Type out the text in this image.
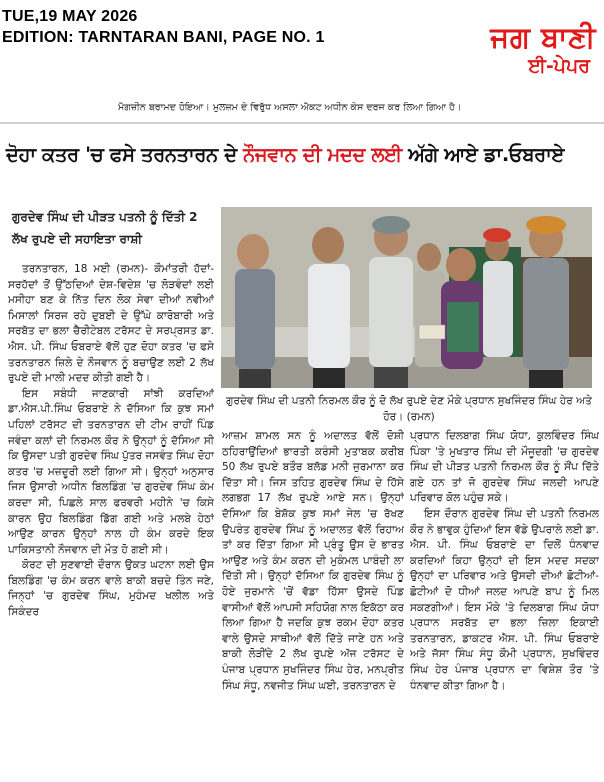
TUE,19 MAY 2026
EDITION: TARNTARAN BANI, PAGE NO. 1	ਜਗ ਬਾਣੀ
ਈ-ਪੇਪਰ
ਮੈਗਜ਼ੀਨ ਬਰਾਮਦ ਹੋਇਆ। ਮੁਲਜ਼ਮ ਦੇ ਵਿਰੁੱਧ ਅਸਲਾ ਐਕਟ ਅਧੀਨ ਕੇਸ ਦਰਜ ਕਰ ਲਿਆ ਗਿਆ ਹੈ।
ਦੋਹਾ ਕਤਰ 'ਚ ਫਸੇ ਤਰਨਤਾਰਨ ਦੇ ਨੌਜਵਾਨ ਦੀ ਮਦਦ ਲਈ ਅੱਗੇ ਆਏ ਡਾ.ਓਬਰਾਏ
ਗੁਰਦੇਵ ਸਿੰਘ ਦੀ ਪੀੜਤ ਪਤਨੀ ਨੂੰ ਦਿੱਤੀ 2 ਲੱਖ ਰੁਪਏ ਦੀ ਸਹਾਇਤਾ ਰਾਸ਼ੀ
ਗੁਰਦੇਵ ਸਿੰਘ ਦੀ ਪਤਨੀ ਨਿਰਮਲ ਕੌਰ ਨੂੰ ਦੋ ਲੱਖ ਰੁਪਏ ਦੇਣ ਮੌਕੇ ਪ੍ਰਧਾਨ ਸੁਖਜਿੰਦਰ ਸਿੰਘ ਹੇਰ ਅਤੇ ਹੋਰ। (ਰਮਨ)

ਤਰਨਤਾਰਨ, 18 ਮਈ (ਰਮਨ)- ਕੌਮਾਂਤਰੀ ਹੱਦਾਂ-ਸਰਹੱਦਾਂ ਤੋਂ ਉੱਠਦਿਆਂ ਦੇਸ਼-ਵਿਦੇਸ਼ 'ਚ ਲੋੜਵੰਦਾਂ ਲਈ ਮਸੀਹਾ ਬਣ ਕੇ ਨਿੱਤ ਦਿਨ ਲੋਕ ਸੇਵਾ ਦੀਆਂ ਨਵੀਆਂ ਮਿਸਾਲਾਂ ਸਿਰਜ ਰਹੇ ਦੁਬਈ ਦੇ ਉੱਘੇ ਕਾਰੋਬਾਰੀ ਅਤੇ ਸਰਬੱਤ ਦਾ ਭਲਾ ਚੈਰੀਟੇਬਲ ਟਰੱਸਟ ਦੇ ਸਰਪ੍ਰਸਤ ਡਾ. ਐਸ. ਪੀ. ਸਿੰਘ ਓਬਰਾਏ ਵੱਲੋਂ ਹੁਣ ਦੋਹਾ ਕਤਰ 'ਚ ਫਸੇ ਤਰਨਤਾਰਨ ਜ਼ਿਲੇ ਦੇ ਨੌਜਵਾਨ ਨੂੰ ਬਚਾਉਣ ਲਈ 2 ਲੱਖ ਰੁਪਏ ਦੀ ਮਾਲੀ ਮਦਦ ਕੀਤੀ ਗਈ ਹੈ।

ਇਸ ਸਬੰਧੀ ਜਾਣਕਾਰੀ ਸਾਂਝੀ ਕਰਦਿਆਂ ਡਾ.ਐਸ.ਪੀ.ਸਿੰਘ ਓਬਰਾਏ ਨੇ ਦੱਸਿਆ ਕਿ ਕੁਝ ਸਮਾਂ ਪਹਿਲਾਂ ਟਰੱਸਟ ਦੀ ਤਰਨਤਾਰਨ ਦੀ ਟੀਮ ਰਾਹੀਂ ਪਿੰਡ ਜਵੰਦਾ ਕਲਾਂ ਦੀ ਨਿਰਮਲ ਕੌਰ ਨੇ ਉਨ੍ਹਾਂ ਨੂੰ ਦੱਸਿਆ ਸੀ ਕਿ ਉਸਦਾ ਪਤੀ ਗੁਰਦੇਵ ਸਿੰਘ ਪੁੱਤਰ ਜਸਵੰਤ ਸਿੰਘ ਦੋਹਾ ਕਤਰ 'ਚ ਮਜ਼ਦੂਰੀ ਲਈ ਗਿਆ ਸੀ। ਉਨ੍ਹਾਂ ਅਨੁਸਾਰ ਜਿਸ ਉਸਾਰੀ ਅਧੀਨ ਬਿਲਡਿੰਗ 'ਚ ਗੁਰਦੇਵ ਸਿੰਘ ਕੰਮ ਕਰਦਾ ਸੀ, ਪਿਛਲੇ ਸਾਲ ਫਰਵਰੀ ਮਹੀਨੇ 'ਚ ਕਿਸੇ ਕਾਰਨ ਉਹ ਬਿਲਡਿੰਗ ਡਿੱਗ ਗਈ ਅਤੇ ਮਲਬੇ ਹੇਠਾਂ ਆਉਣ ਕਾਰਨ ਉਨ੍ਹਾਂ ਨਾਲ ਹੀ ਕੰਮ ਕਰਦੇ ਇਕ ਪਾਕਿਸਤਾਨੀ ਨੌਜਵਾਨ ਦੀ ਮੌਤ ਹੋ ਗਈ ਸੀ।

ਕੋਰਟ ਦੀ ਸੁਣਵਾਈ ਦੌਰਾਨ ਉਕਤ ਘਟਨਾ ਲਈ ਉਸ ਬਿਲਡਿੰਗ 'ਚ ਕੰਮ ਕਰਨ ਵਾਲੇ ਬਾਕੀ ਬਚਦੇ ਤਿੰਨ ਜਣੇ, ਜਿਨ੍ਹਾਂ 'ਚ ਗੁਰਦੇਵ ਸਿੰਘ, ਮੁਹੰਮਦ ਖਲੀਲ ਅਤੇ ਸਿਕੰਦਰ

ਆਜ਼ਮ ਸ਼ਾਮਲ ਸਨ ਨੂੰ ਅਦਾਲਤ ਵੱਲੋਂ ਦੋਸ਼ੀ ਠਹਿਰਾਉਂਦਿਆਂ ਭਾਰਤੀ ਕਰੰਸੀ ਮੁਤਾਬਕ ਕਰੀਬ 50 ਲੱਖ ਰੁਪਏ ਬਤੌਰ ਬਲੱਡ ਮਨੀ ਜੁਰਮਾਨਾ ਕਰ ਦਿੱਤਾ ਸੀ। ਜਿਸ ਤਹਿਤ ਗੁਰਦੇਵ ਸਿੰਘ ਦੇ ਹਿੱਸੇ ਲਗਭਗ 17 ਲੱਖ ਰੁਪਏ ਆਏ ਸਨ। ਉਨ੍ਹਾਂ ਦੱਸਿਆ ਕਿ ਬੇਸ਼ੱਕ ਕੁਝ ਸਮਾਂ ਜੇਲ 'ਚ ਰੱਖਣ ਉਪਰੰਤ ਗੁਰਦੇਵ ਸਿੰਘ ਨੂੰ ਅਦਾਲਤ ਵੱਲੋਂ ਰਿਹਾਅ ਤਾਂ ਕਰ ਦਿੱਤਾ ਗਿਆ ਸੀ ਪ੍ਰੰਤੂ ਉਸ ਦੇ ਭਾਰਤ ਆਉਣ ਅਤੇ ਕੰਮ ਕਰਨ ਦੀ ਮੁਕੰਮਲ ਪਾਬੰਦੀ ਲਾ ਦਿੱਤੀ ਸੀ। ਉਨ੍ਹਾਂ ਦੱਸਿਆ ਕਿ ਗੁਰਦੇਵ ਸਿੰਘ ਨੂੰ ਹੋਏ ਜੁਰਮਾਨੇ 'ਚੋਂ ਵੱਡਾ ਹਿੱਸਾ ਉਸਦੇ ਪਿੰਡ ਵਾਸੀਆਂ ਵੱਲੋਂ ਆਪਸੀ ਸਹਿਯੋਗ ਨਾਲ ਇਕੱਠਾ ਕਰ ਲਿਆ ਗਿਆ ਹੈ ਜਦਕਿ ਕੁਝ ਰਕਮ ਦੋਹਾ ਕਤਰ ਵਾਲੇ ਉਸਦੇ ਸਾਥੀਆਂ ਵੱਲੋਂ ਦਿੱਤੇ ਜਾਣੇ ਹਨ ਅਤੇ ਬਾਕੀ ਲੋੜੀਂਦੇ 2 ਲੱਖ ਰੁਪਏ ਅੱਜ ਟਰੱਸਟ ਦੇ ਪੰਜਾਬ ਪ੍ਰਧਾਨ ਸੁਖਜਿੰਦਰ ਸਿੰਘ ਹੇਰ, ਮਨਪ੍ਰੀਤ ਸਿੰਘ ਸੰਧੂ, ਨਵਜੀਤ ਸਿੰਘ ਘਈ, ਤਰਨਤਾਰਨ ਦੇ

ਪ੍ਰਧਾਨ ਦਿਲਬਾਗ ਸਿੰਘ ਯੋਧਾ, ਕੁਲਵਿੰਦਰ ਸਿੰਘ ਪਿੰਕਾ 'ਤੇ ਮੁਖਤਾਰ ਸਿੰਘ ਦੀ ਮੌਜੂਦਗੀ 'ਚ ਗੁਰਦੇਵ ਸਿੰਘ ਦੀ ਪੀੜਤ ਪਤਨੀ ਨਿਰਮਲ ਕੌਰ ਨੂੰ ਸੌਂਪ ਦਿੱਤੇ ਗਏ ਹਨ ਤਾਂ ਜੋ ਗੁਰਦੇਵ ਸਿੰਘ ਜਲਦੀ ਆਪਣੇ ਪਰਿਵਾਰ ਕੋਲ ਪਹੁੰਚ ਸਕੇ।

ਇਸ ਦੌਰਾਨ ਗੁਰਦੇਵ ਸਿੰਘ ਦੀ ਪਤਨੀ ਨਿਰਮਲ ਕੌਰ ਨੇ ਭਾਵੁਕ ਹੁੰਦਿਆਂ ਇਸ ਵੱਡੇ ਉਪਰਾਲੇ ਲਈ ਡਾ. ਐਸ. ਪੀ. ਸਿੰਘ ਓਬਰਾਏ ਦਾ ਦਿਲੋਂ ਧੰਨਵਾਦ ਕਰਦਿਆਂ ਕਿਹਾ ਉਨ੍ਹਾਂ ਦੀ ਇਸ ਮਦਦ ਸਦਕਾ ਉਨ੍ਹਾਂ ਦਾ ਪਰਿਵਾਰ ਅਤੇ ਉਸਦੀ ਦੀਆਂ ਛੋਟੀਆਂ-ਛੋਟੀਆਂ ਦੋ ਧੀਆਂ ਜਲਦ ਆਪਣੇ ਬਾਪ ਨੂੰ ਮਿਲ ਸਕਣਗੀਆਂ। ਇਸ ਮੌਕੇ 'ਤੇ ਦਿਲਬਾਗ ਸਿੰਘ ਯੋਧਾ ਪ੍ਰਧਾਨ ਸਰਬੱਤ ਦਾ ਭਲਾ ਜ਼ਿਲਾ ਇਕਾਈ ਤਰਨਤਾਰਨ, ਡਾਕਟਰ ਐਸ. ਪੀ. ਸਿੰਘ ਓਬਰਾਏ ਅਤੇ ਜੱਸਾ ਸਿੰਘ ਸੰਧੂ ਕੌਮੀ ਪ੍ਰਧਾਨ, ਸੁਖਵਿੰਦਰ ਸਿੰਘ ਹੇਰ ਪੰਜਾਬ ਪ੍ਰਧਾਨ ਦਾ ਵਿਸ਼ੇਸ਼ ਤੌਰ 'ਤੇ ਧੰਨਵਾਦ ਕੀਤਾ ਗਿਆ ਹੈ।
